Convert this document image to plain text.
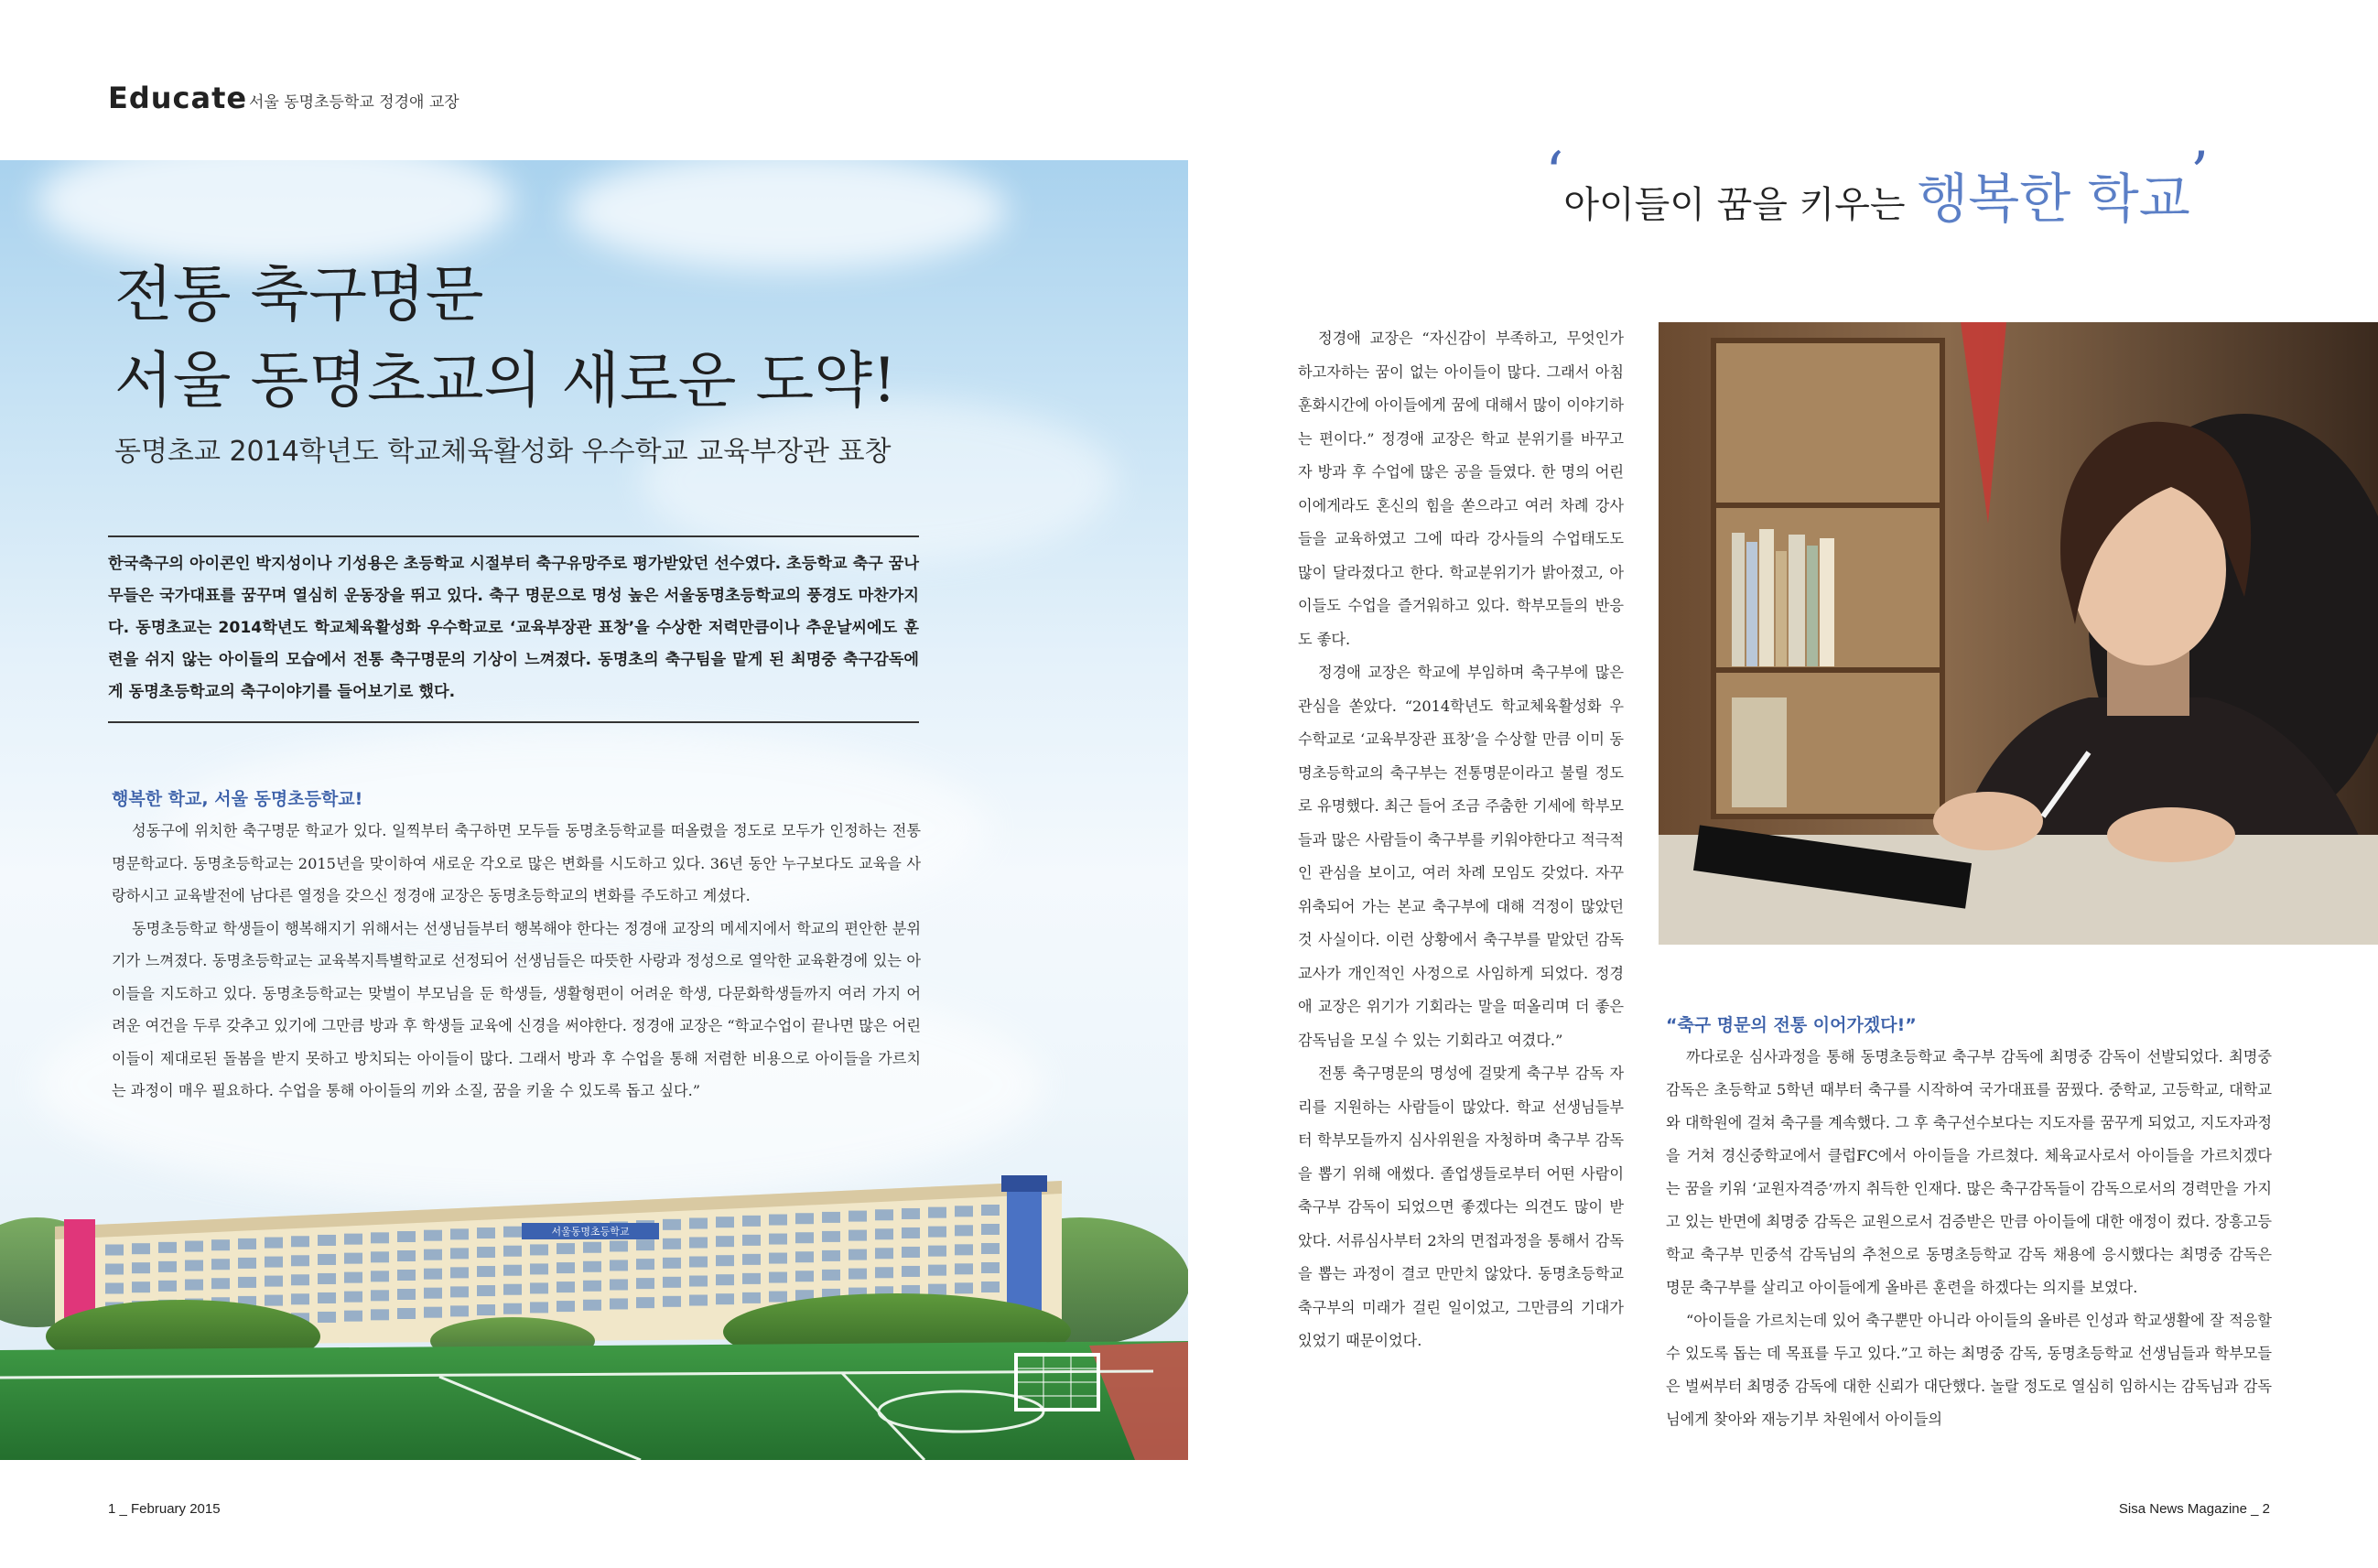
Educate 서울 동명초등학교 정경애 교장
전통 축구명문
서울 동명초교의 새로운 도약!
동명초교 2014학년도 학교체육활성화 우수학교 교육부장관 표창
한국축구의 아이콘인 박지성이나 기성용은 초등학교 시절부터 축구유망주로 평가받았던 선수였다. 초등학교 축구 꿈나무들은 국가대표를 꿈꾸며 열심히 운동장을 뛰고 있다. 축구 명문으로 명성 높은 서울동명초등학교의 풍경도 마찬가지다. 동명초교는 2014학년도 학교체육활성화 우수학교로 ‘교육부장관 표창’을 수상한 저력만큼이나 추운날씨에도 훈련을 쉬지 않는 아이들의 모습에서 전통 축구명문의 기상이 느껴졌다. 동명초의 축구팀을 맡게 된 최명중 축구감독에게 동명초등학교의 축구이야기를 들어보기로 했다.
행복한 학교, 서울 동명초등학교!

성동구에 위치한 축구명문 학교가 있다. 일찍부터 축구하면 모두들 동명초등학교를 떠올렸을 정도로 모두가 인정하는 전통명문학교다. 동명초등학교는 2015년을 맞이하여 새로운 각오로 많은 변화를 시도하고 있다. 36년 동안 누구보다도 교육을 사랑하시고 교육발전에 남다른 열정을 갖으신 정경애 교장은 동명초등학교의 변화를 주도하고 계셨다.

동명초등학교 학생들이 행복해지기 위해서는 선생님들부터 행복해야 한다는 정경애 교장의 메세지에서 학교의 편안한 분위기가 느껴졌다. 동명초등학교는 교육복지특별학교로 선정되어 선생님들은 따뜻한 사랑과 정성으로 열악한 교육환경에 있는 아이들을 지도하고 있다. 동명초등학교는 맞벌이 부모님을 둔 학생들, 생활형편이 어려운 학생, 다문화학생들까지 여러 가지 어려운 여건을 두루 갖추고 있기에 그만큼 방과 후 학생들 교육에 신경을 써야한다. 정경애 교장은 “학교수업이 끝나면 많은 어린이들이 제대로된 돌봄을 받지 못하고 방치되는 아이들이 많다. 그래서 방과 후 수업을 통해 저렴한 비용으로 아이들을 가르치는 과정이 매우 필요하다. 수업을 통해 아이들의 끼와 소질, 꿈을 키울 수 있도록 돕고 싶다.”

서울동명초등학교
‘아이들이 꿈을 키우는 행복한 학교’

정경애 교장은 “자신감이 부족하고, 무엇인가 하고자하는 꿈이 없는 아이들이 많다. 그래서 아침 훈화시간에 아이들에게 꿈에 대해서 많이 이야기하는 편이다.” 정경애 교장은 학교 분위기를 바꾸고자 방과 후 수업에 많은 공을 들였다. 한 명의 어린이에게라도 혼신의 힘을 쏟으라고 여러 차례 강사들을 교육하였고 그에 따라 강사들의 수업태도도 많이 달라졌다고 한다. 학교분위기가 밝아졌고, 아이들도 수업을 즐거워하고 있다. 학부모들의 반응도 좋다.

정경애 교장은 학교에 부임하며 축구부에 많은 관심을 쏟았다. “2014학년도 학교체육활성화 우수학교로 ‘교육부장관 표창’을 수상할 만큼 이미 동명초등학교의 축구부는 전통명문이라고 불릴 정도로 유명했다. 최근 들어 조금 주춤한 기세에 학부모들과 많은 사람들이 축구부를 키워야한다고 적극적인 관심을 보이고, 여러 차례 모임도 갖었다. 자꾸 위축되어 가는 본교 축구부에 대해 걱정이 많았던 것 사실이다. 이런 상황에서 축구부를 맡았던 감독교사가 개인적인 사정으로 사임하게 되었다. 정경애 교장은 위기가 기회라는 말을 떠올리며 더 좋은 감독님을 모실 수 있는 기회라고 여겼다.”

전통 축구명문의 명성에 걸맞게 축구부 감독 자리를 지원하는 사람들이 많았다. 학교 선생님들부터 학부모들까지 심사위원을 자청하며 축구부 감독을 뽑기 위해 애썼다. 졸업생들로부터 어떤 사람이 축구부 감독이 되었으면 좋겠다는 의견도 많이 받았다. 서류심사부터 2차의 면접과정을 통해서 감독을 뽑는 과정이 결코 만만치 않았다. 동명초등학교 축구부의 미래가 걸린 일이었고, 그만큼의 기대가 있었기 때문이었다.

“축구 명문의 전통 이어가겠다!”

까다로운 심사과정을 통해 동명초등학교 축구부 감독에 최명중 감독이 선발되었다. 최명중 감독은 초등학교 5학년 때부터 축구를 시작하여 국가대표를 꿈꿨다. 중학교, 고등학교, 대학교와 대학원에 걸쳐 축구를 계속했다. 그 후 축구선수보다는 지도자를 꿈꾸게 되었고, 지도자과정을 거쳐 경신중학교에서 클럽FC에서 아이들을 가르쳤다. 체육교사로서 아이들을 가르치겠다는 꿈을 키워 ‘교원자격증’까지 취득한 인재다. 많은 축구감독들이 감독으로서의 경력만을 가지고 있는 반면에 최명중 감독은 교원으로서 검증받은 만큼 아이들에 대한 애정이 컸다. 장흥고등학교 축구부 민중석 감독님의 추천으로 동명초등학교 감독 채용에 응시했다는 최명중 감독은 명문 축구부를 살리고 아이들에게 올바른 훈련을 하겠다는 의지를 보였다.

“아이들을 가르치는데 있어 축구뿐만 아니라 아이들의 올바른 인성과 학교생활에 잘 적응할 수 있도록 돕는 데 목표를 두고 있다.”고 하는 최명중 감독, 동명초등학교 선생님들과 학부모들은 벌써부터 최명중 감독에 대한 신뢰가 대단했다. 놀랄 정도로 열심히 임하시는 감독님과 감독님에게 찾아와 재능기부 차원에서 아이들의

1 _ February 2015	Sisa News Magazine _ 2
